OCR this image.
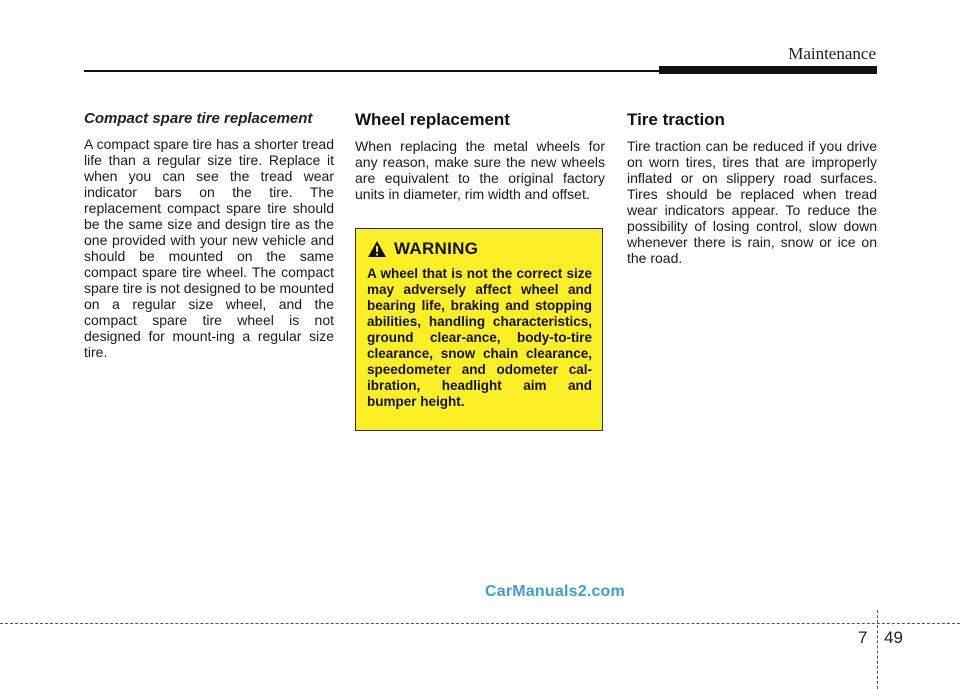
Maintenance
Compact spare tire replacement

A compact spare tire has a shorter tread life than a regular size tire. Replace it when you can see the tread wear indicator bars on the tire. The replacement compact spare tire should be the same size and design tire as the one provided with your new vehicle and should be mounted on the same compact spare tire wheel. The compact spare tire is not designed to be mounted on a regular size wheel, and the compact spare tire wheel is not designed for mount-ing a regular size tire.

Wheel replacement

When replacing the metal wheels for any reason, make sure the new wheels are equivalent to the original factory units in diameter, rim width and offset.

WARNING

A wheel that is not the correct size may adversely affect wheel and bearing life, braking and stopping abilities, handling characteristics, ground clear-ance, body-to-tire clearance, snow chain clearance, speedometer and odometer cal-ibration, headlight aim and bumper height.

Tire traction

Tire traction can be reduced if you drive on worn tires, tires that are improperly inflated or on slippery road surfaces. Tires should be replaced when tread wear indicators appear. To reduce the possibility of losing control, slow down whenever there is rain, snow or ice on the road.

CarManuals2.com
7 49
